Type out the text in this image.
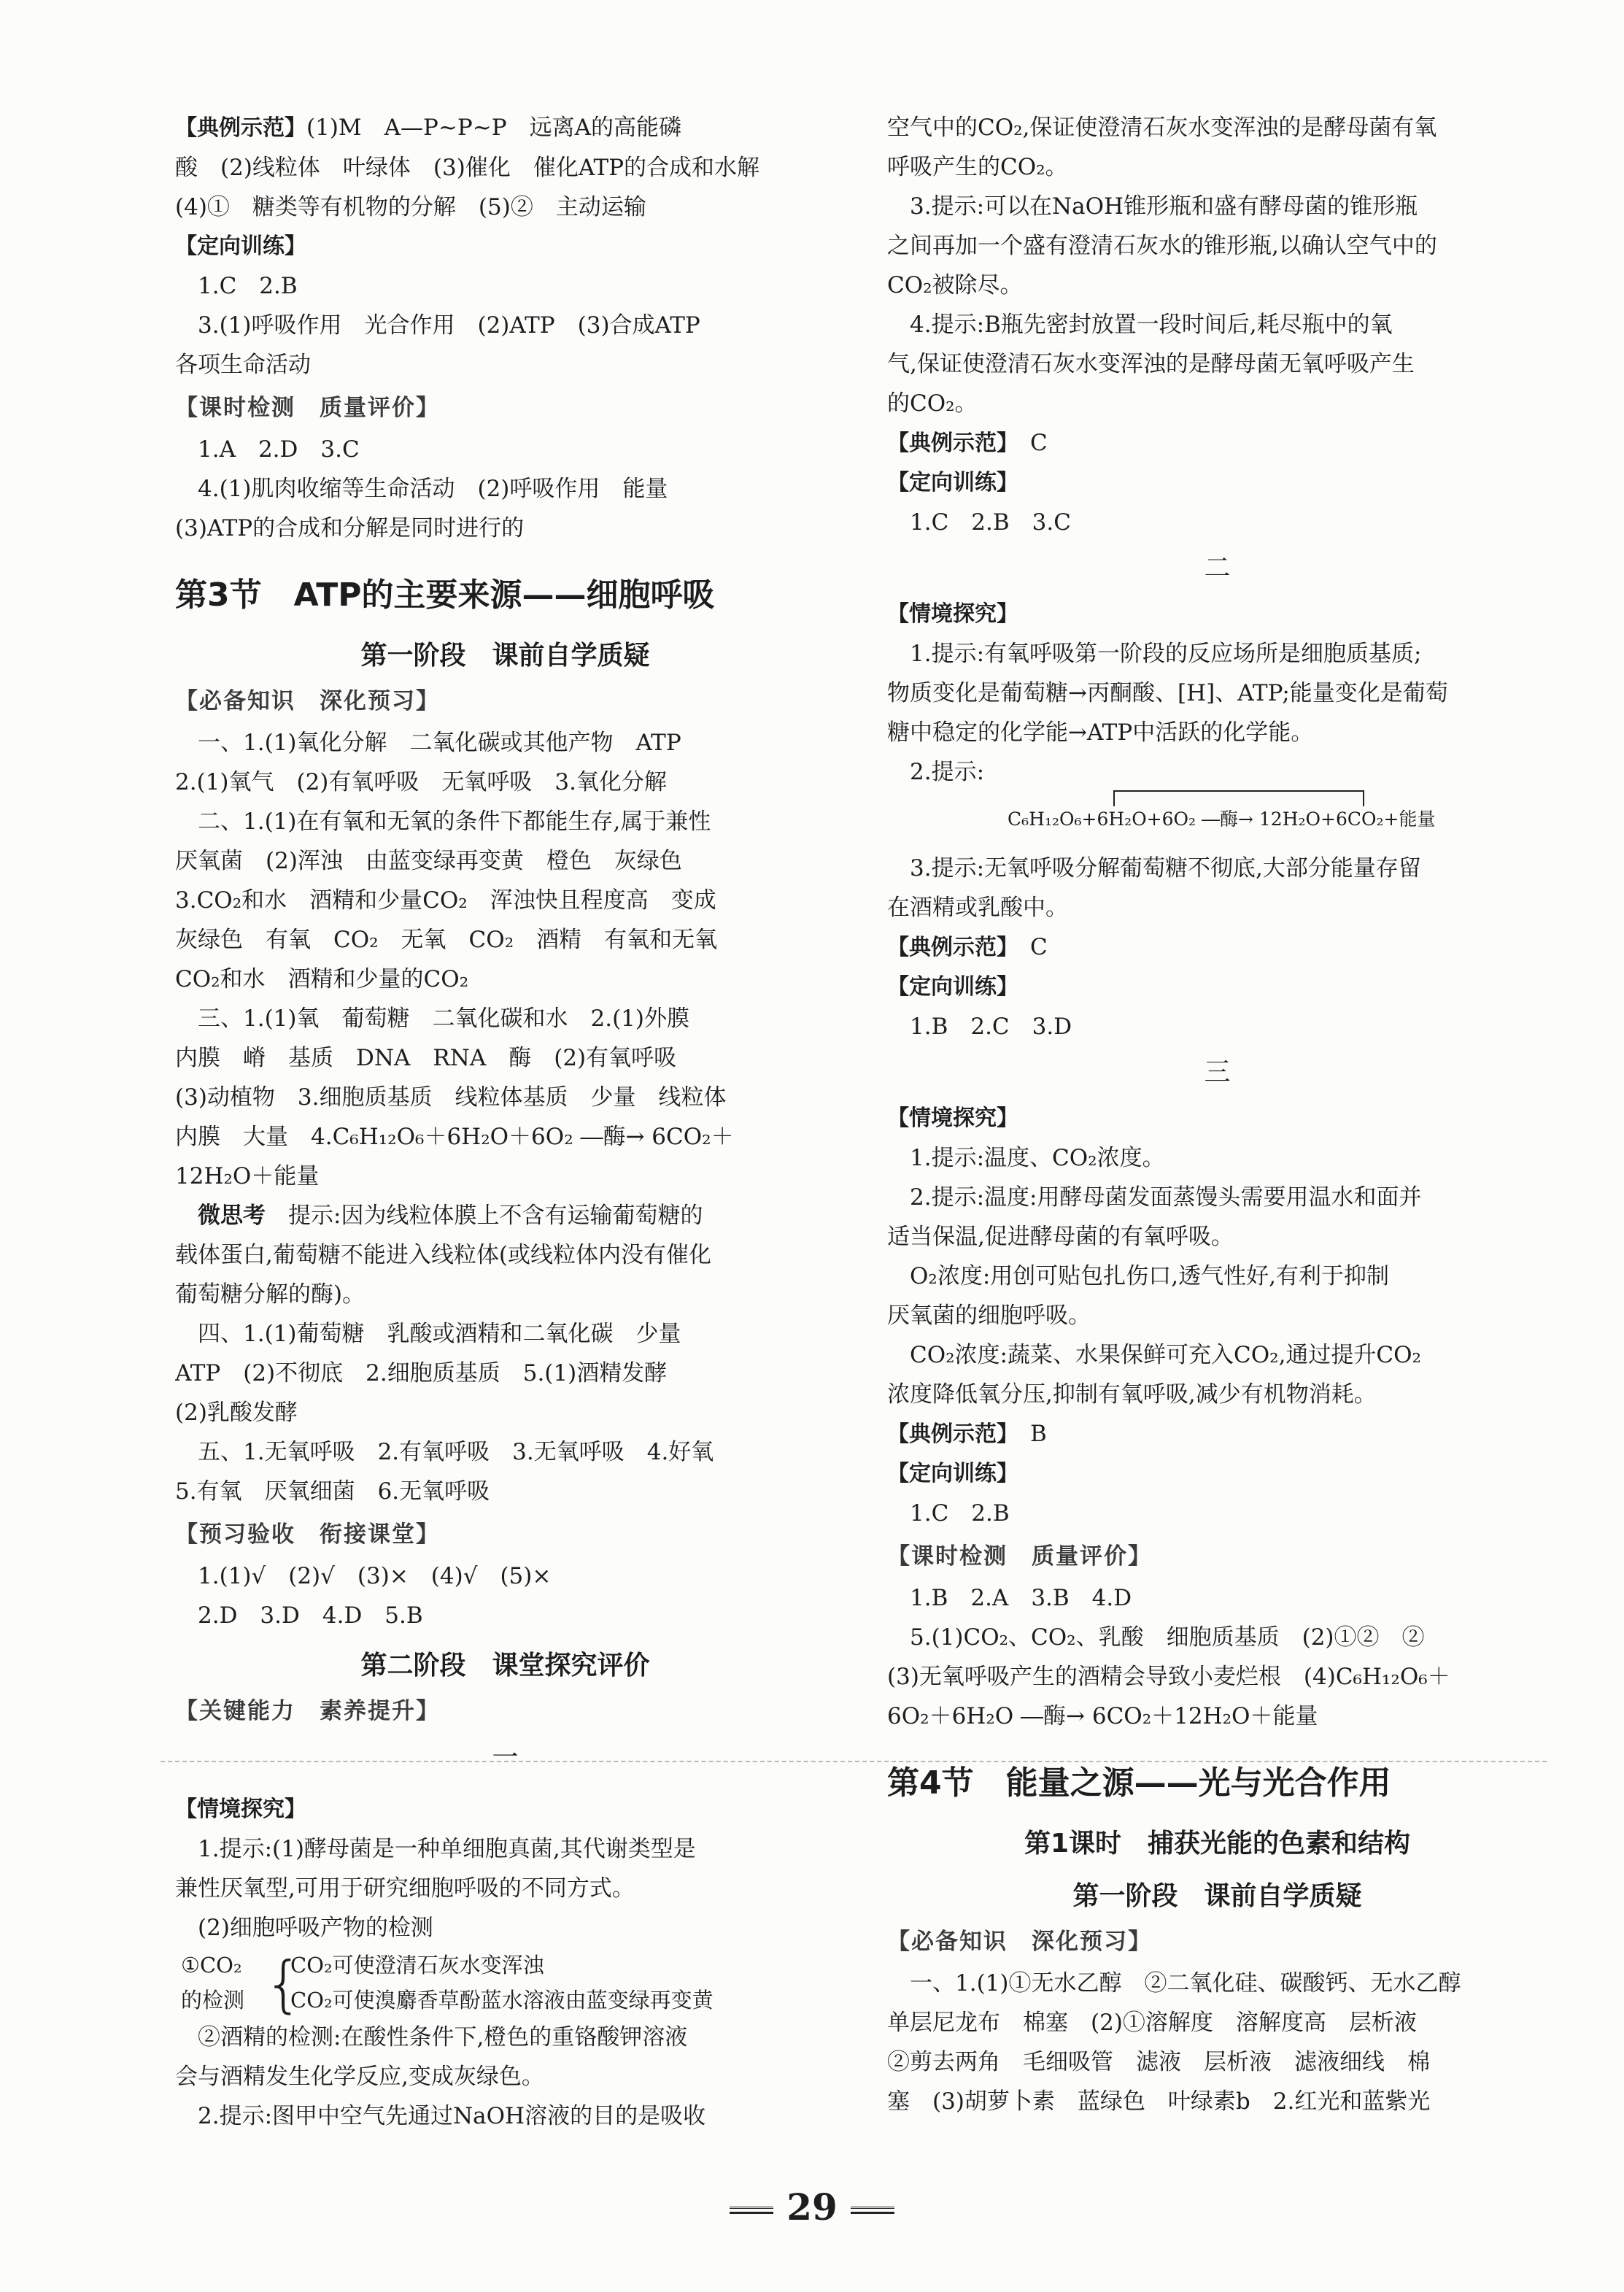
【典例示范】(1)M　A—P~P~P　远离A的高能磷

酸　(2)线粒体　叶绿体　(3)催化　催化ATP的合成和水解

(4)①　糖类等有机物的分解　(5)②　主动运输

【定向训练】

1.C　2.B

3.(1)呼吸作用　光合作用　(2)ATP　(3)合成ATP

各项生命活动

【课时检测　质量评价】

1.A　2.D　3.C

4.(1)肌肉收缩等生命活动　(2)呼吸作用　能量

(3)ATP的合成和分解是同时进行的

第3节　ATP的主要来源——细胞呼吸

第一阶段　课前自学质疑

【必备知识　深化预习】

一、1.(1)氧化分解　二氧化碳或其他产物　ATP

2.(1)氧气　(2)有氧呼吸　无氧呼吸　3.氧化分解

二、1.(1)在有氧和无氧的条件下都能生存,属于兼性

厌氧菌　(2)浑浊　由蓝变绿再变黄　橙色　灰绿色

3.CO₂和水　酒精和少量CO₂　浑浊快且程度高　变成

灰绿色　有氧　CO₂　无氧　CO₂　酒精　有氧和无氧

CO₂和水　酒精和少量的CO₂

三、1.(1)氧　葡萄糖　二氧化碳和水　2.(1)外膜

内膜　嵴　基质　DNA　RNA　酶　(2)有氧呼吸

(3)动植物　3.细胞质基质　线粒体基质　少量　线粒体

内膜　大量　4.C₆H₁₂O₆＋6H₂O＋6O₂ ―酶→ 6CO₂＋

12H₂O＋能量

微思考　 提示:因为线粒体膜上不含有运输葡萄糖的

载体蛋白,葡萄糖不能进入线粒体(或线粒体内没有催化

葡萄糖分解的酶)。

四、1.(1)葡萄糖　乳酸或酒精和二氧化碳　少量

ATP　(2)不彻底　2.细胞质基质　5.(1)酒精发酵

(2)乳酸发酵

五、1.无氧呼吸　2.有氧呼吸　3.无氧呼吸　4.好氧

5.有氧　厌氧细菌　6.无氧呼吸

【预习验收　衔接课堂】

1.(1)√　(2)√　(3)×　(4)√　(5)×

2.D　3.D　4.D　5.B

第二阶段　课堂探究评价

【关键能力　素养提升】

一

【情境探究】

1.提示:(1)酵母菌是一种单细胞真菌,其代谢类型是

兼性厌氧型,可用于研究细胞呼吸的不同方式。

(2)细胞呼吸产物的检测

{

①CO₂ CO₂可使澄清石灰水变浑浊

的检测 CO₂可使溴麝香草酚蓝水溶液由蓝变绿再变黄

②酒精的检测:在酸性条件下,橙色的重铬酸钾溶液

会与酒精发生化学反应,变成灰绿色。

2.提示:图甲中空气先通过NaOH溶液的目的是吸收

空气中的CO₂,保证使澄清石灰水变浑浊的是酵母菌有氧

呼吸产生的CO₂。

3.提示:可以在NaOH锥形瓶和盛有酵母菌的锥形瓶

之间再加一个盛有澄清石灰水的锥形瓶,以确认空气中的

CO₂被除尽。

4.提示:B瓶先密封放置一段时间后,耗尽瓶中的氧

气,保证使澄清石灰水变浑浊的是酵母菌无氧呼吸产生

的CO₂。

【典例示范】　 C

【定向训练】

1.C　2.B　3.C

二

【情境探究】

1.提示:有氧呼吸第一阶段的反应场所是细胞质基质;

物质变化是葡萄糖→丙酮酸、[H]、ATP;能量变化是葡萄

糖中稳定的化学能→ATP中活跃的化学能。

2.提示:

C₆H₁₂O₆+6H₂O+6O₂ ―酶→ 12H₂O+6CO₂+能量

3.提示:无氧呼吸分解葡萄糖不彻底,大部分能量存留

在酒精或乳酸中。

【典例示范】　 C

【定向训练】

1.B　2.C　3.D

三

【情境探究】

1.提示:温度、CO₂浓度。

2.提示:温度:用酵母菌发面蒸馒头需要用温水和面并

适当保温,促进酵母菌的有氧呼吸。

O₂浓度:用创可贴包扎伤口,透气性好,有利于抑制

厌氧菌的细胞呼吸。

CO₂浓度:蔬菜、水果保鲜可充入CO₂,通过提升CO₂

浓度降低氧分压,抑制有氧呼吸,减少有机物消耗。

【典例示范】　 B

【定向训练】

1.C　2.B

【课时检测　质量评价】

1.B　2.A　3.B　4.D

5.(1)CO₂、CO₂、乳酸　细胞质基质　(2)①②　②

(3)无氧呼吸产生的酒精会导致小麦烂根　(4)C₆H₁₂O₆＋

6O₂＋6H₂O ―酶→ 6CO₂＋12H₂O＋能量

第4节　能量之源——光与光合作用

第1课时　捕获光能的色素和结构

第一阶段　课前自学质疑

【必备知识　深化预习】

一、1.(1)①无水乙醇　②二氧化硅、碳酸钙、无水乙醇

单层尼龙布　棉塞　(2)①溶解度　溶解度高　层析液

②剪去两角　毛细吸管　滤液　层析液　滤液细线　棉

塞　(3)胡萝卜素　蓝绿色　叶绿素b　2.红光和蓝紫光

29
